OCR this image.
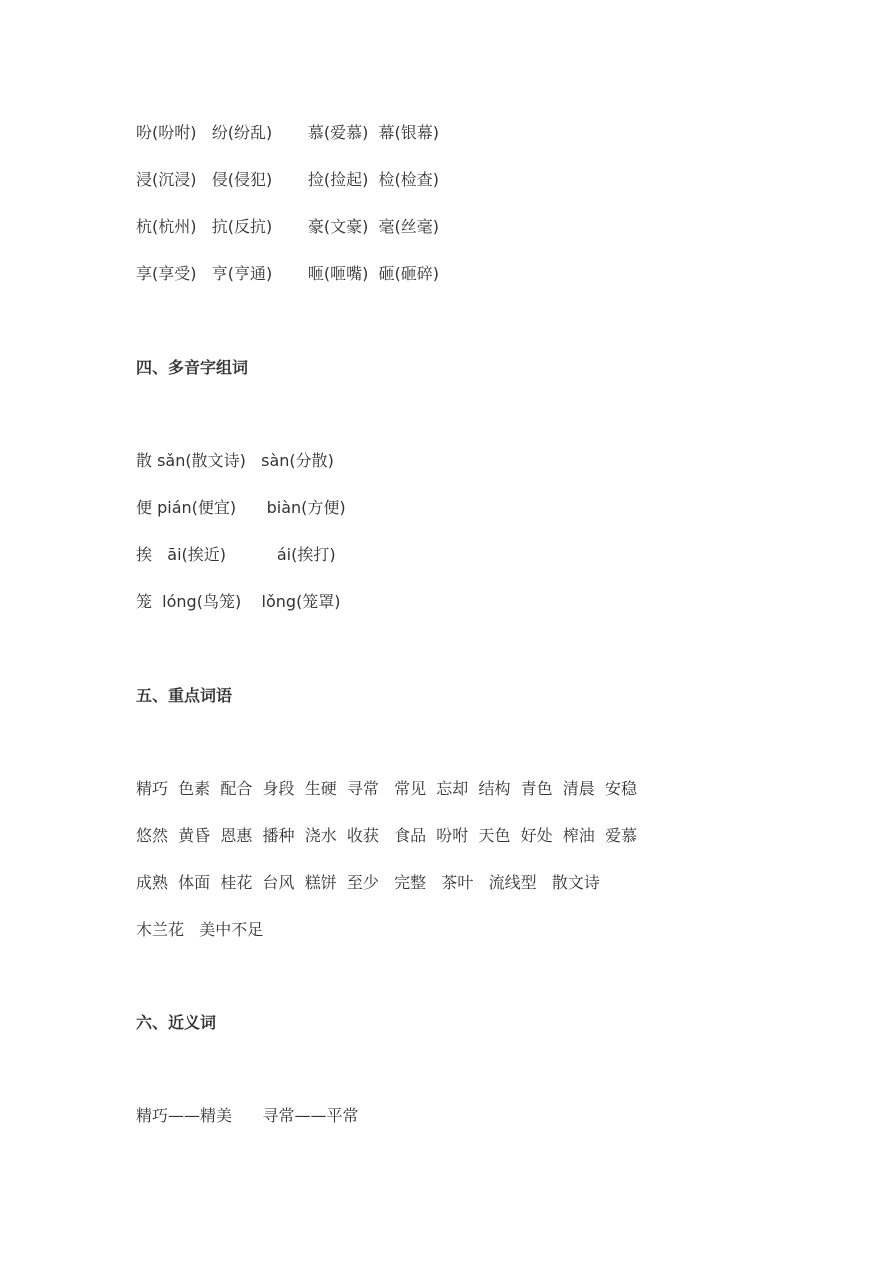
吩(吩咐)   纷(纷乱)       慕(爱慕)  幕(银幕)
浸(沉浸)   侵(侵犯)       捡(捡起)  检(检查)
杭(杭州)   抗(反抗)       豪(文豪)  毫(丝毫)
享(享受)   亨(亨通)       咂(咂嘴)  砸(砸碎)
四、多音字组词
散 sǎn(散文诗)   sàn(分散)
便 pián(便宜)      biàn(方便)
挨   āi(挨近)          ái(挨打)
笼  lóng(鸟笼)    lǒng(笼罩)
五、重点词语
精巧  色素  配合  身段  生硬  寻常   常见  忘却  结构  青色  清晨  安稳
悠然  黄昏  恩惠  播种  浇水  收获   食品  吩咐  天色  好处  榨油  爱慕
成熟  体面  桂花  台风  糕饼  至少   完整   茶叶   流线型   散文诗
木兰花   美中不足
六、近义词
精巧——精美      寻常——平常
